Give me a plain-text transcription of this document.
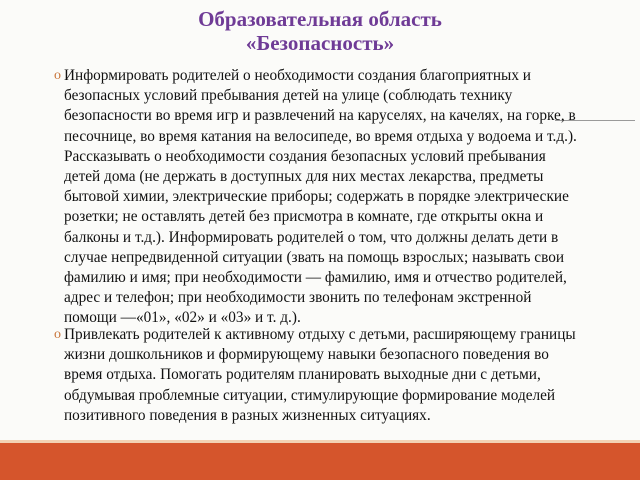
Образовательная область
«Безопасность»

o Информировать родителей о необходимости создания благоприятных и безопасных условий пребывания детей на улице (соблюдать технику безопасности во время игр и развлечений на каруселях, на качелях, на горке, в песочнице, во время катания на велосипеде, во время отдыха у водоема и т.д.). Рассказывать о необходимости создания безопасных условий пребывания детей дома (не держать в доступных для них местах лекарства, предметы бытовой химии, электрические приборы; содержать в порядке электрические розетки; не оставлять детей без присмотра в комнате, где открыты окна и балконы и т.д.). Информировать родителей о том, что должны делать дети в случае непредвиденной ситуации (звать на помощь взрослых; называть свои фамилию и имя; при необходимости — фамилию, имя и отчество родителей, адрес и телефон; при необходимости звонить по телефонам экстренной помощи —«01», «02» и «03» и т. д.).

o Привлекать родителей к активному отдыху с детьми, расширяющему границы жизни дошкольников и формирующему навыки безопасного поведения во время отдыха. Помогать родителям планировать выходные дни с детьми, обдумывая проблемные ситуации, стимулирующие формирование моделей позитивного поведения в разных жизненных ситуациях.
